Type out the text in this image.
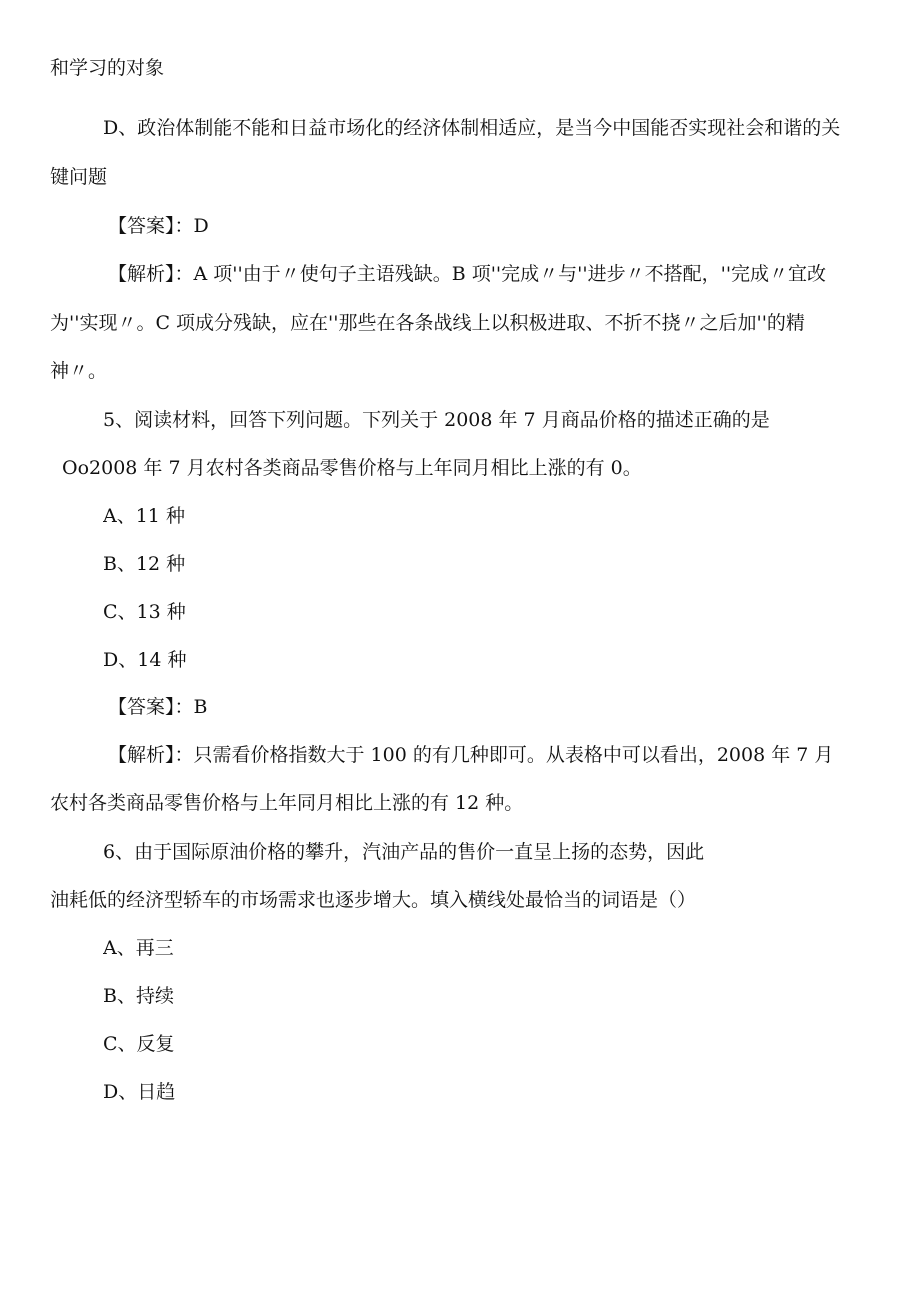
和学习的对象
D、政治体制能不能和日益市场化的经济体制相适应，是当今中国能否实现社会和谐的关
键问题
【答案】：D
【解析】：A 项''由于〃使句子主语残缺。B 项''完成〃与''进步〃不搭配，''完成〃宜改
为''实现〃。C 项成分残缺，应在''那些在各条战线上以积极进取、不折不挠〃之后加''的精
神〃。
5、阅读材料，回答下列问题。下列关于 2008 年 7 月商品价格的描述正确的是
Oo2008 年 7 月农村各类商品零售价格与上年同月相比上涨的有 0。
A、11 种
B、12 种
C、13 种
D、14 种
【答案】：B
【解析】：只需看价格指数大于 100 的有几种即可。从表格中可以看出，2008 年 7 月
农村各类商品零售价格与上年同月相比上涨的有 12 种。
6、由于国际原油价格的攀升，汽油产品的售价一直呈上扬的态势，因此
油耗低的经济型轿车的市场需求也逐步增大。填入横线处最恰当的词语是（）
A、再三
B、持续
C、反复
D、日趋
